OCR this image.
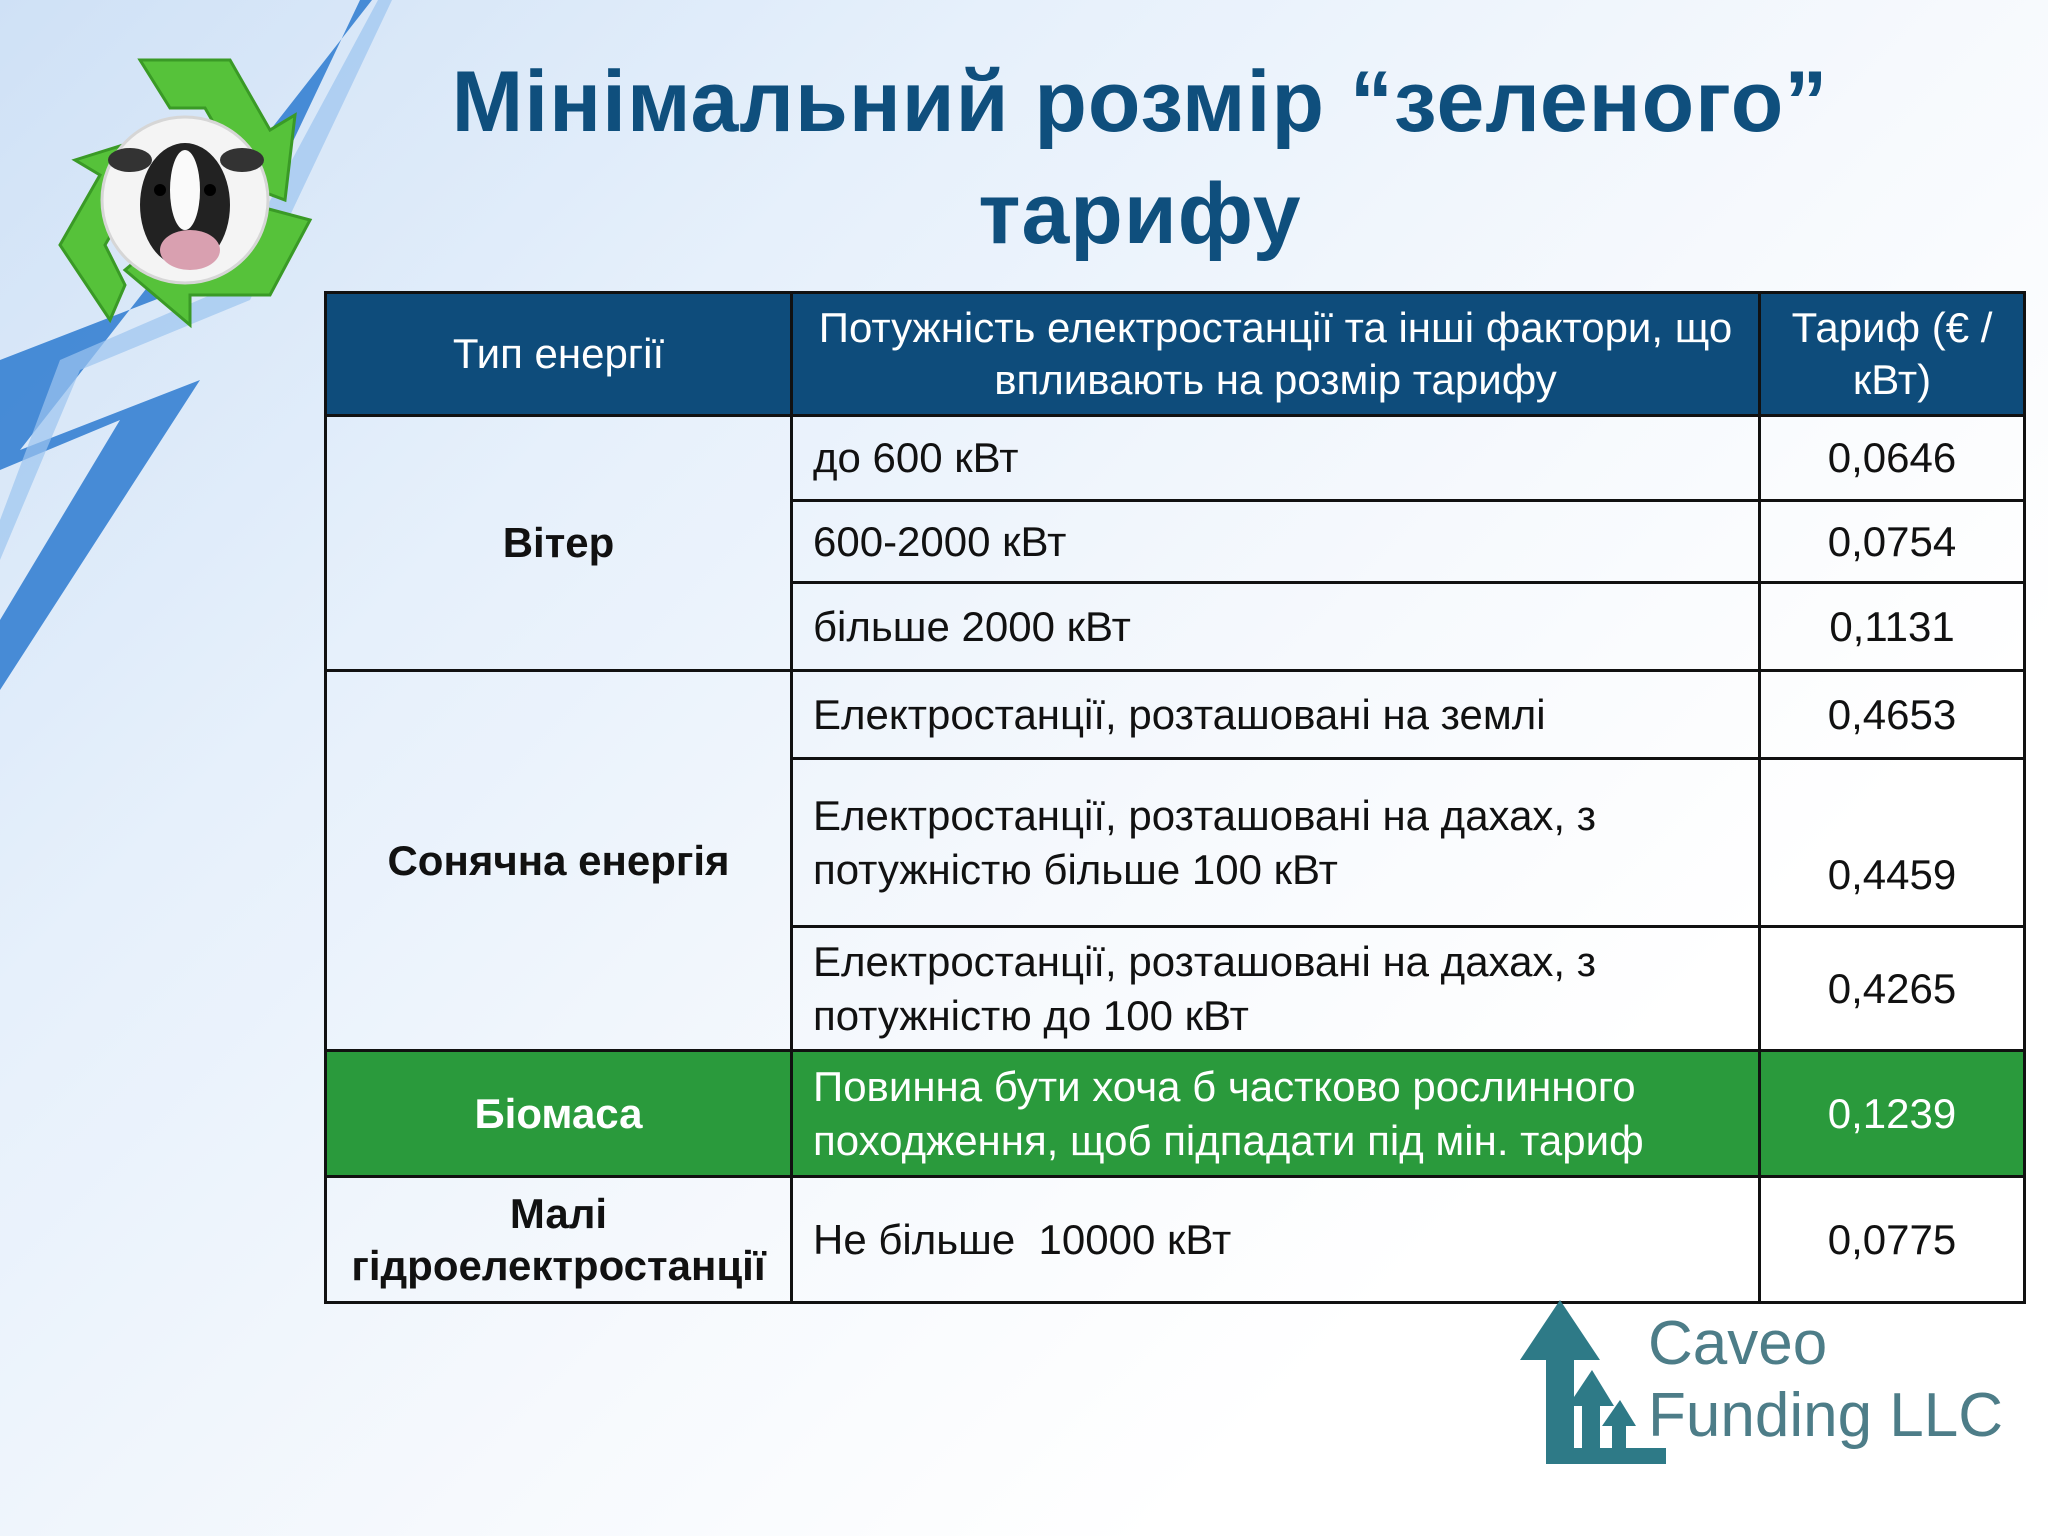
Мінімальний розмір “зеленого”
тарифу
Тип енергії	Потужність електростанції та інші фактори, що впливають на розмір тарифу	Тариф (€ /
кВт)

Вітер	до 600 кВт	0,0646
	600-2000 кВт	0,0754
	більше 2000 кВт	0,1131
Сонячна енергія	Електростанції, розташовані на землі	0,4653
	Електростанції, розташовані на дахах, з потужністю більше 100 кВт	0,4459
	Електростанції, розташовані на дахах, з потужністю до 100 кВт	0,4265
Біомаса	Повинна бути хоча б частково рослинного походження, щоб підпадати під мін. тариф	0,1239
Малі гідроелектростанції	Не більше  10000 кВт	0,0775
Caveo
Funding LLC
